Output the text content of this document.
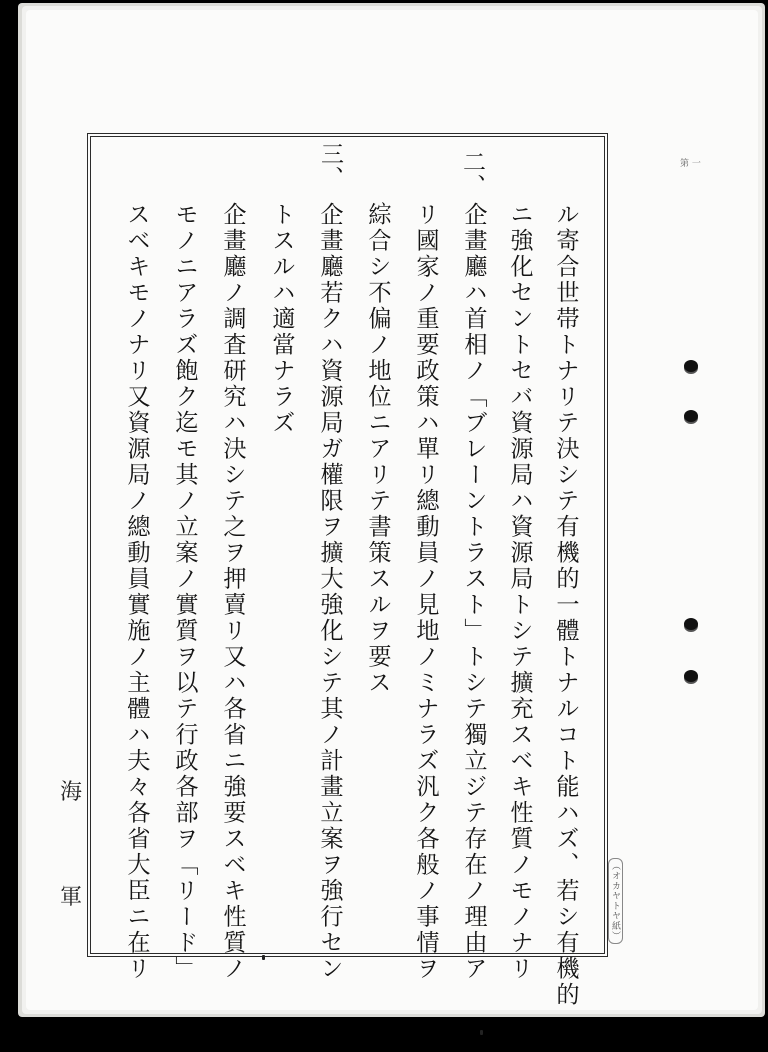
二、
三、
ル寄合世帯トナリテ決シテ有機的一體トナルコト能ハズ、若シ有機的
ニ強化セントセバ資源局ハ資源局トシテ擴充スベキ性質ノモノナリ
企畫廳ハ首相ノ「ブレーントラスト」トシテ獨立ジテ存在ノ理由ア
リ國家ノ重要政策ハ單リ總動員ノ見地ノミナラズ汎ク各般ノ事情ヲ
綜合シ不偏ノ地位ニアリテ書策スルヲ要ス
企畫廳若クハ資源局ガ權限ヲ擴大強化シテ其ノ計畫立案ヲ強行セン
トスルハ適當ナラズ
企畫廳ノ調査研究ハ決シテ之ヲ押賣リ又ハ各省ニ強要スベキ性質ノ
モノニアラズ飽ク迄モ其ノ立案ノ實質ヲ以テ行政各部ヲ「リード」
スベキモノナリ又資源局ノ總動員實施ノ主體ハ夫々各省大臣ニ在リ
海
軍	（オカヤトヤ紙）
第 一
